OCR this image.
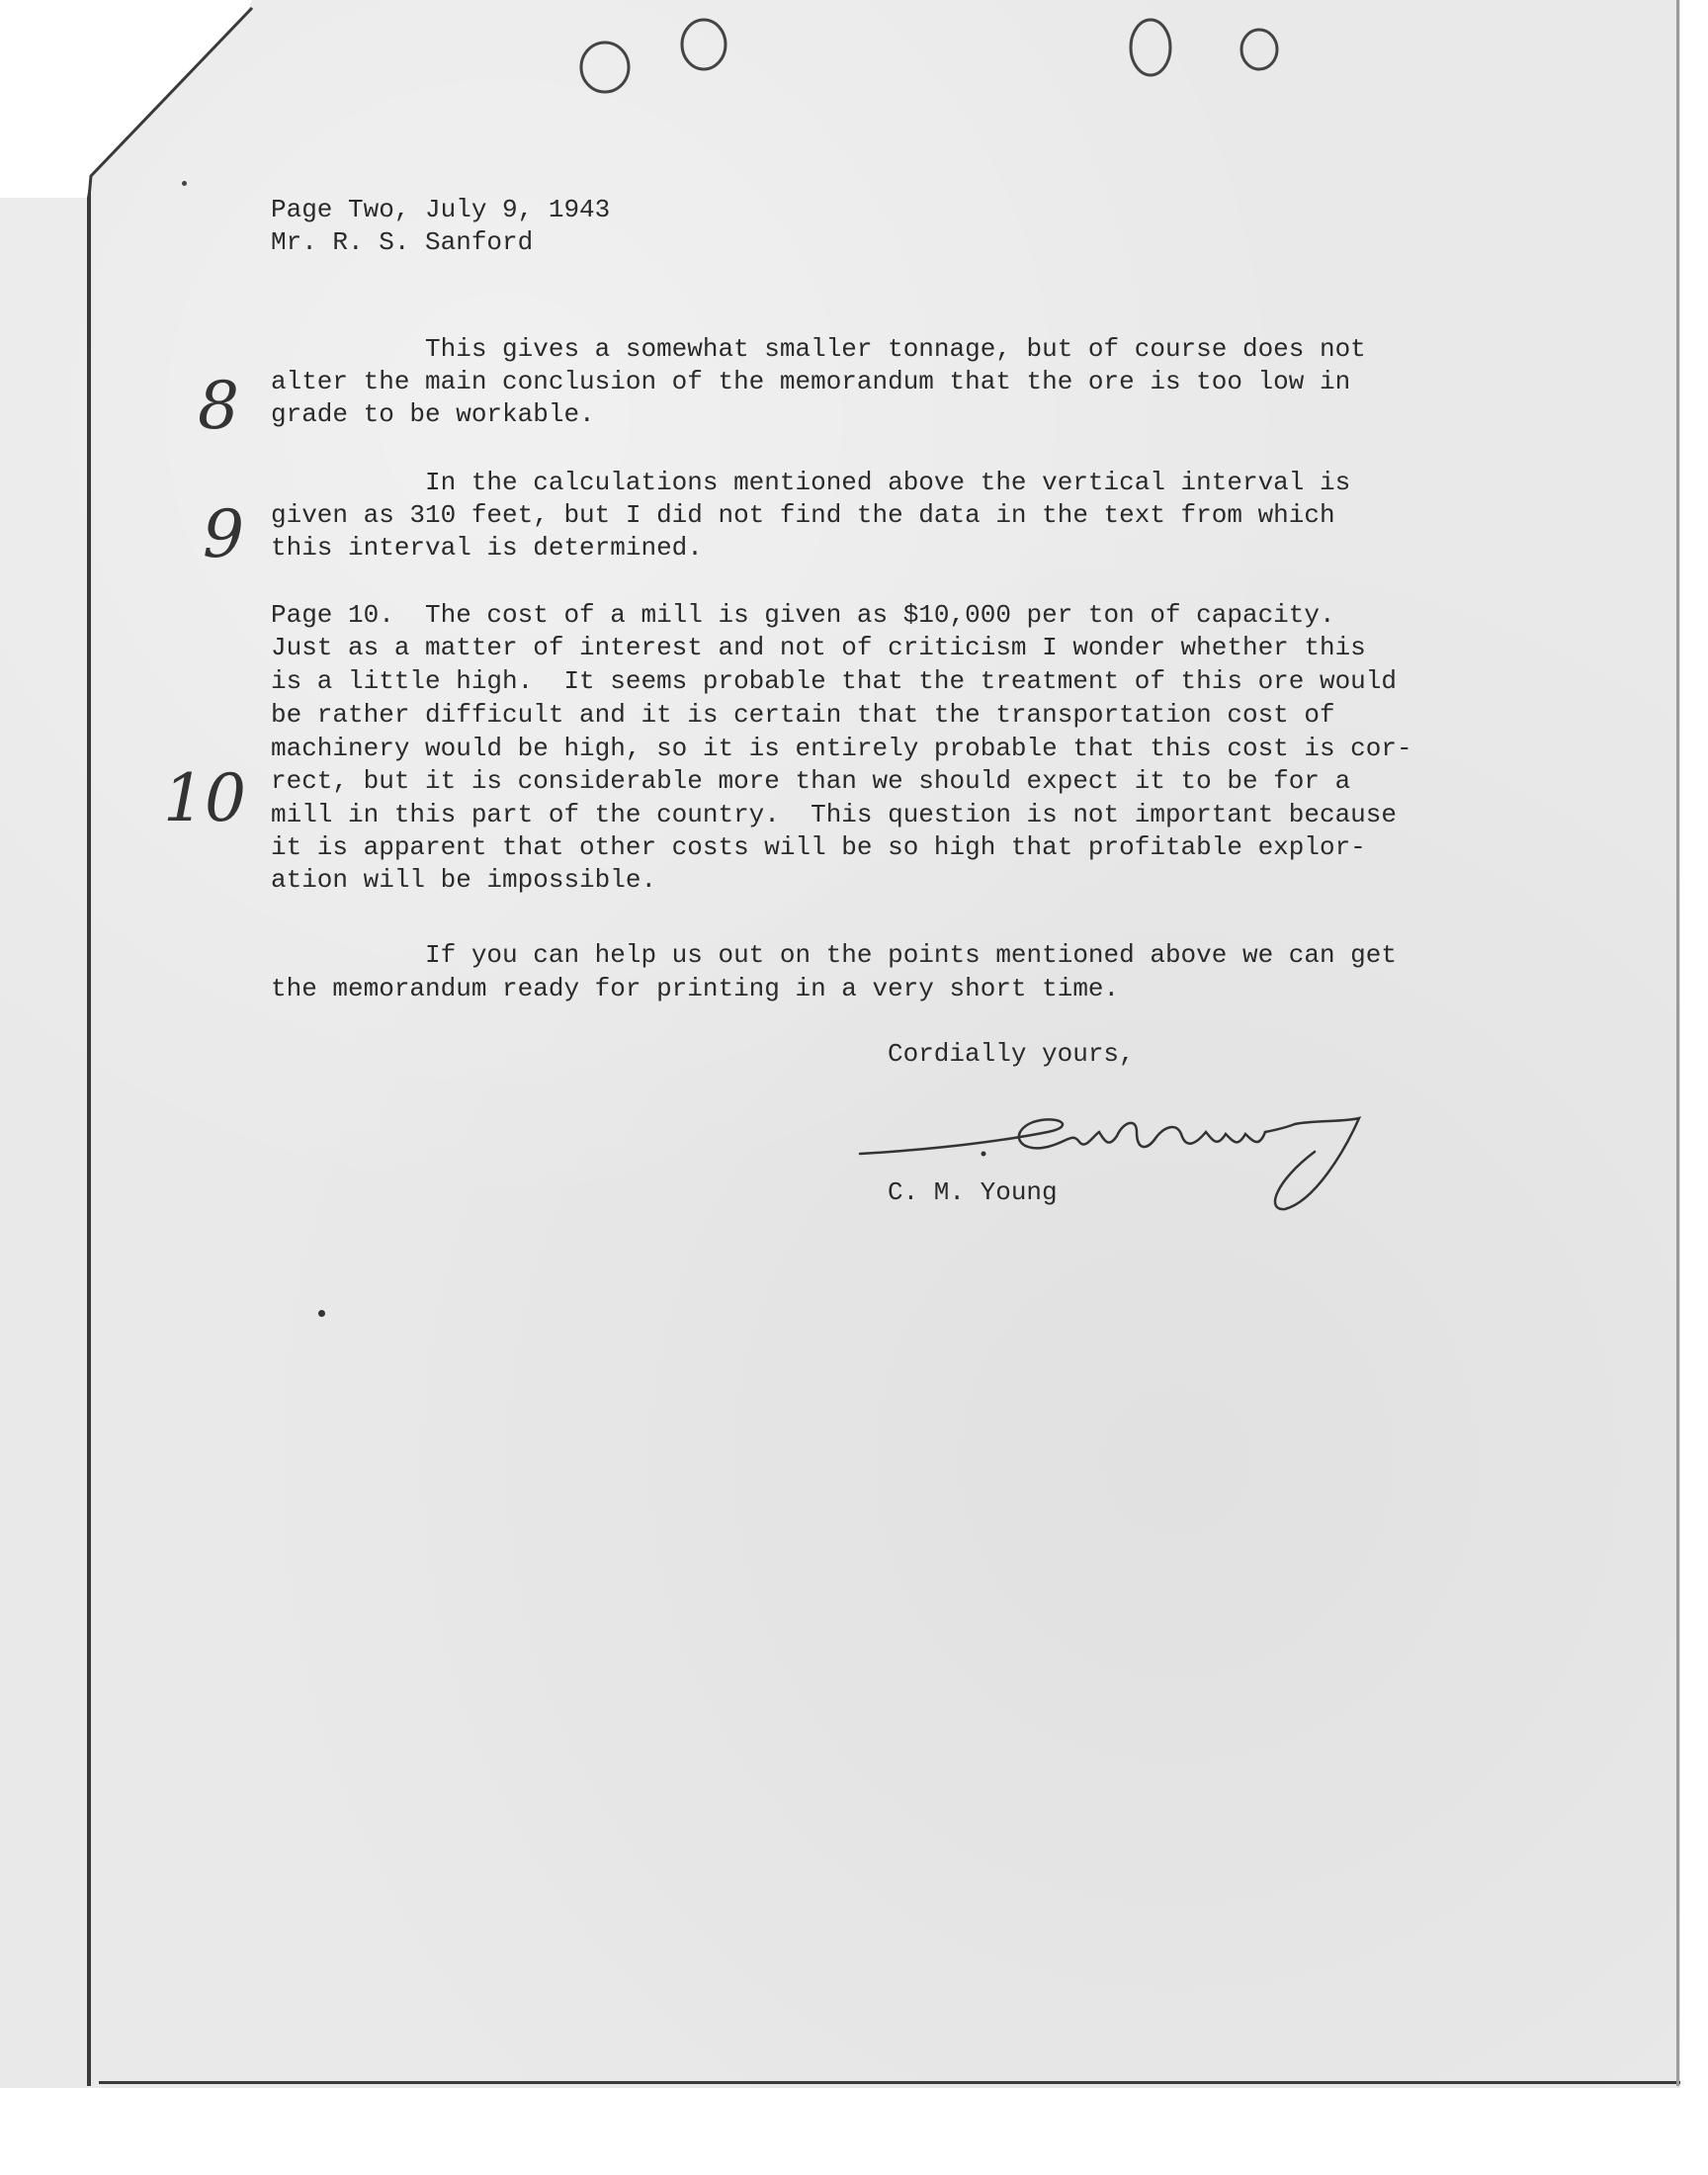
Page Two, July 9, 1943
Mr. R. S. Sanford
This gives a somewhat smaller tonnage, but of course does not
alter the main conclusion of the memorandum that the ore is too low in
grade to be workable.
In the calculations mentioned above the vertical interval is
given as 310 feet, but I did not find the data in the text from which
this interval is determined.
Page 10.  The cost of a mill is given as $10,000 per ton of capacity.
Just as a matter of interest and not of criticism I wonder whether this
is a little high.  It seems probable that the treatment of this ore would
be rather difficult and it is certain that the transportation cost of
machinery would be high, so it is entirely probable that this cost is cor-
rect, but it is considerable more than we should expect it to be for a
mill in this part of the country.  This question is not important because
it is apparent that other costs will be so high that profitable explor-
ation will be impossible.
If you can help us out on the points mentioned above we can get
the memorandum ready for printing in a very short time.
Cordially yours,
C. M. Young
8
9
10
